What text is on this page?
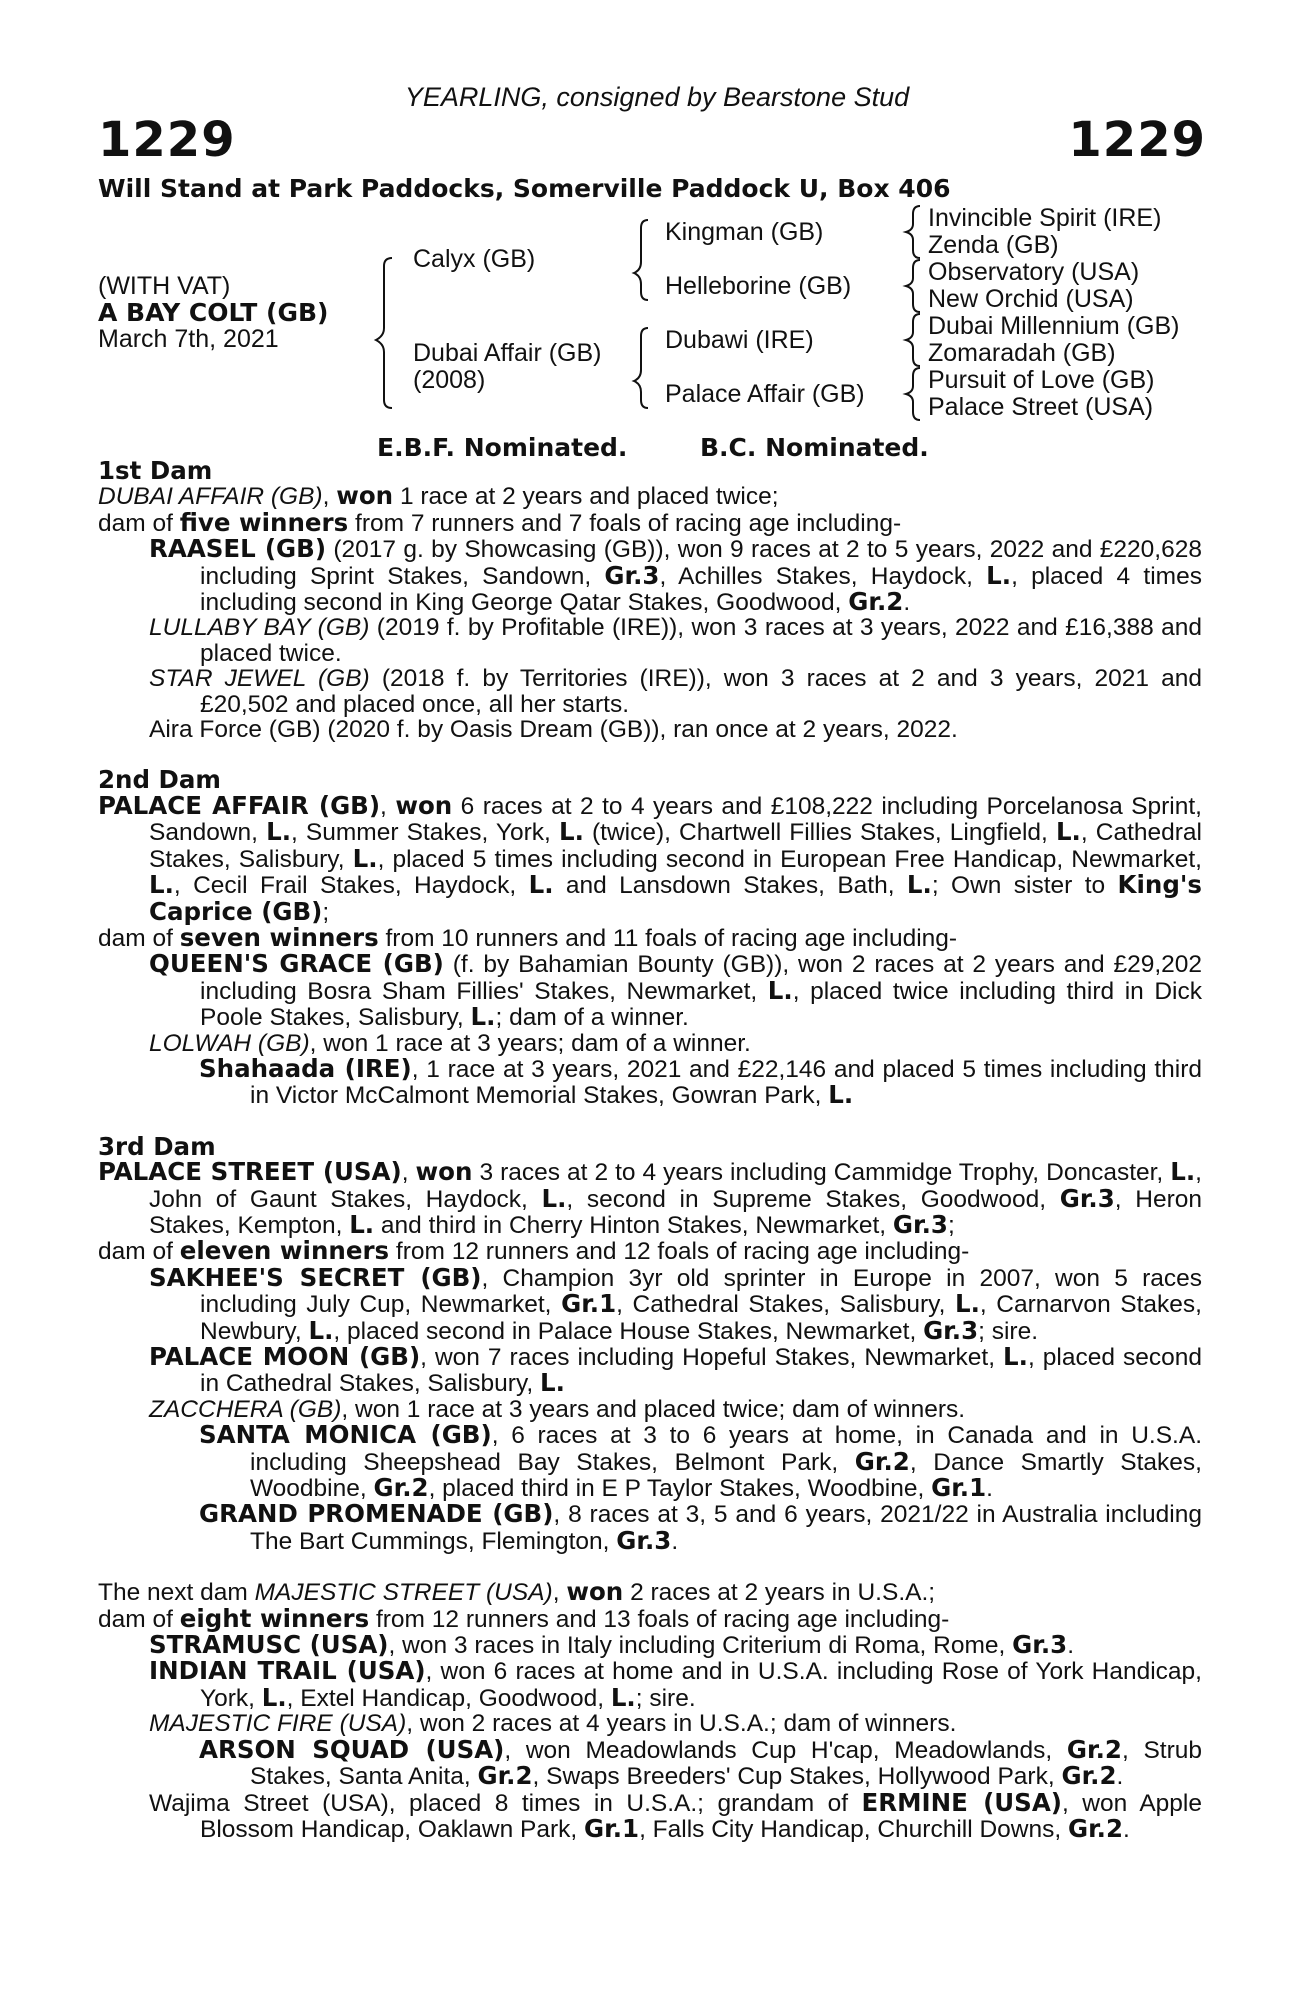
YEARLING, consigned by Bearstone Stud
1229	1229
Will Stand at Park Paddocks, Somerville Paddock U, Box 406
(WITH VAT)
A BAY COLT (GB)
March 7th, 2021
Calyx (GB)
Dubai Affair (GB)
(2008)
Kingman (GB)
Helleborine (GB)
Dubawi (IRE)
Palace Affair (GB)
Invincible Spirit (IRE)
Zenda (GB)
Observatory (USA)
New Orchid (USA)
Dubai Millennium (GB)
Zomaradah (GB)
Pursuit of Love (GB)
Palace Street (USA)
E.B.F. Nominated.	B.C. Nominated.

1st Dam

DUBAI AFFAIR (GB), won 1 race at 2 years and placed twice;

dam of five winners from 7 runners and 7 foals of racing age including-

RAASEL (GB) (2017 g. by Showcasing (GB)), won 9 races at 2 to 5 years, 2022 and £220,628 including Sprint Stakes, Sandown, Gr.3, Achilles Stakes, Haydock, L., placed 4 times including second in King George Qatar Stakes, Goodwood, Gr.2.

LULLABY BAY (GB) (2019 f. by Profitable (IRE)), won 3 races at 3 years, 2022 and £16,388 and placed twice.

STAR JEWEL (GB) (2018 f. by Territories (IRE)), won 3 races at 2 and 3 years, 2021 and £20,502 and placed once, all her starts.

Aira Force (GB) (2020 f. by Oasis Dream (GB)), ran once at 2 years, 2022.

2nd Dam

PALACE AFFAIR (GB), won 6 races at 2 to 4 years and £108,222 including Porcelanosa Sprint, Sandown, L., Summer Stakes, York, L. (twice), Chartwell Fillies Stakes, Lingfield, L., Cathedral Stakes, Salisbury, L., placed 5 times including second in European Free Handicap, Newmarket, L., Cecil Frail Stakes, Haydock, L. and Lansdown Stakes, Bath, L.; Own sister to King's Caprice (GB);

dam of seven winners from 10 runners and 11 foals of racing age including-

QUEEN'S GRACE (GB) (f. by Bahamian Bounty (GB)), won 2 races at 2 years and £29,202 including Bosra Sham Fillies' Stakes, Newmarket, L., placed twice including third in Dick Poole Stakes, Salisbury, L.; dam of a winner.

LOLWAH (GB), won 1 race at 3 years; dam of a winner.

Shahaada (IRE), 1 race at 3 years, 2021 and £22,146 and placed 5 times including third in Victor McCalmont Memorial Stakes, Gowran Park, L.

3rd Dam

PALACE STREET (USA), won 3 races at 2 to 4 years including Cammidge Trophy, Doncaster, L., John of Gaunt Stakes, Haydock, L., second in Supreme Stakes, Goodwood, Gr.3, Heron Stakes, Kempton, L. and third in Cherry Hinton Stakes, Newmarket, Gr.3;

dam of eleven winners from 12 runners and 12 foals of racing age including-

SAKHEE'S SECRET (GB), Champion 3yr old sprinter in Europe in 2007, won 5 races including July Cup, Newmarket, Gr.1, Cathedral Stakes, Salisbury, L., Carnarvon Stakes, Newbury, L., placed second in Palace House Stakes, Newmarket, Gr.3; sire.

PALACE MOON (GB), won 7 races including Hopeful Stakes, Newmarket, L., placed second in Cathedral Stakes, Salisbury, L.

ZACCHERA (GB), won 1 race at 3 years and placed twice; dam of winners.

SANTA MONICA (GB), 6 races at 3 to 6 years at home, in Canada and in U.S.A. including Sheepshead Bay Stakes, Belmont Park, Gr.2, Dance Smartly Stakes, Woodbine, Gr.2, placed third in E P Taylor Stakes, Woodbine, Gr.1.

GRAND PROMENADE (GB), 8 races at 3, 5 and 6 years, 2021/22 in Australia including The Bart Cummings, Flemington, Gr.3.

The next dam MAJESTIC STREET (USA), won 2 races at 2 years in U.S.A.;

dam of eight winners from 12 runners and 13 foals of racing age including-

STRAMUSC (USA), won 3 races in Italy including Criterium di Roma, Rome, Gr.3.

INDIAN TRAIL (USA), won 6 races at home and in U.S.A. including Rose of York Handicap, York, L., Extel Handicap, Goodwood, L.; sire.

MAJESTIC FIRE (USA), won 2 races at 4 years in U.S.A.; dam of winners.

ARSON SQUAD (USA), won Meadowlands Cup H'cap, Meadowlands, Gr.2, Strub Stakes, Santa Anita, Gr.2, Swaps Breeders' Cup Stakes, Hollywood Park, Gr.2.

Wajima Street (USA), placed 8 times in U.S.A.; grandam of ERMINE (USA), won Apple Blossom Handicap, Oaklawn Park, Gr.1, Falls City Handicap, Churchill Downs, Gr.2.
